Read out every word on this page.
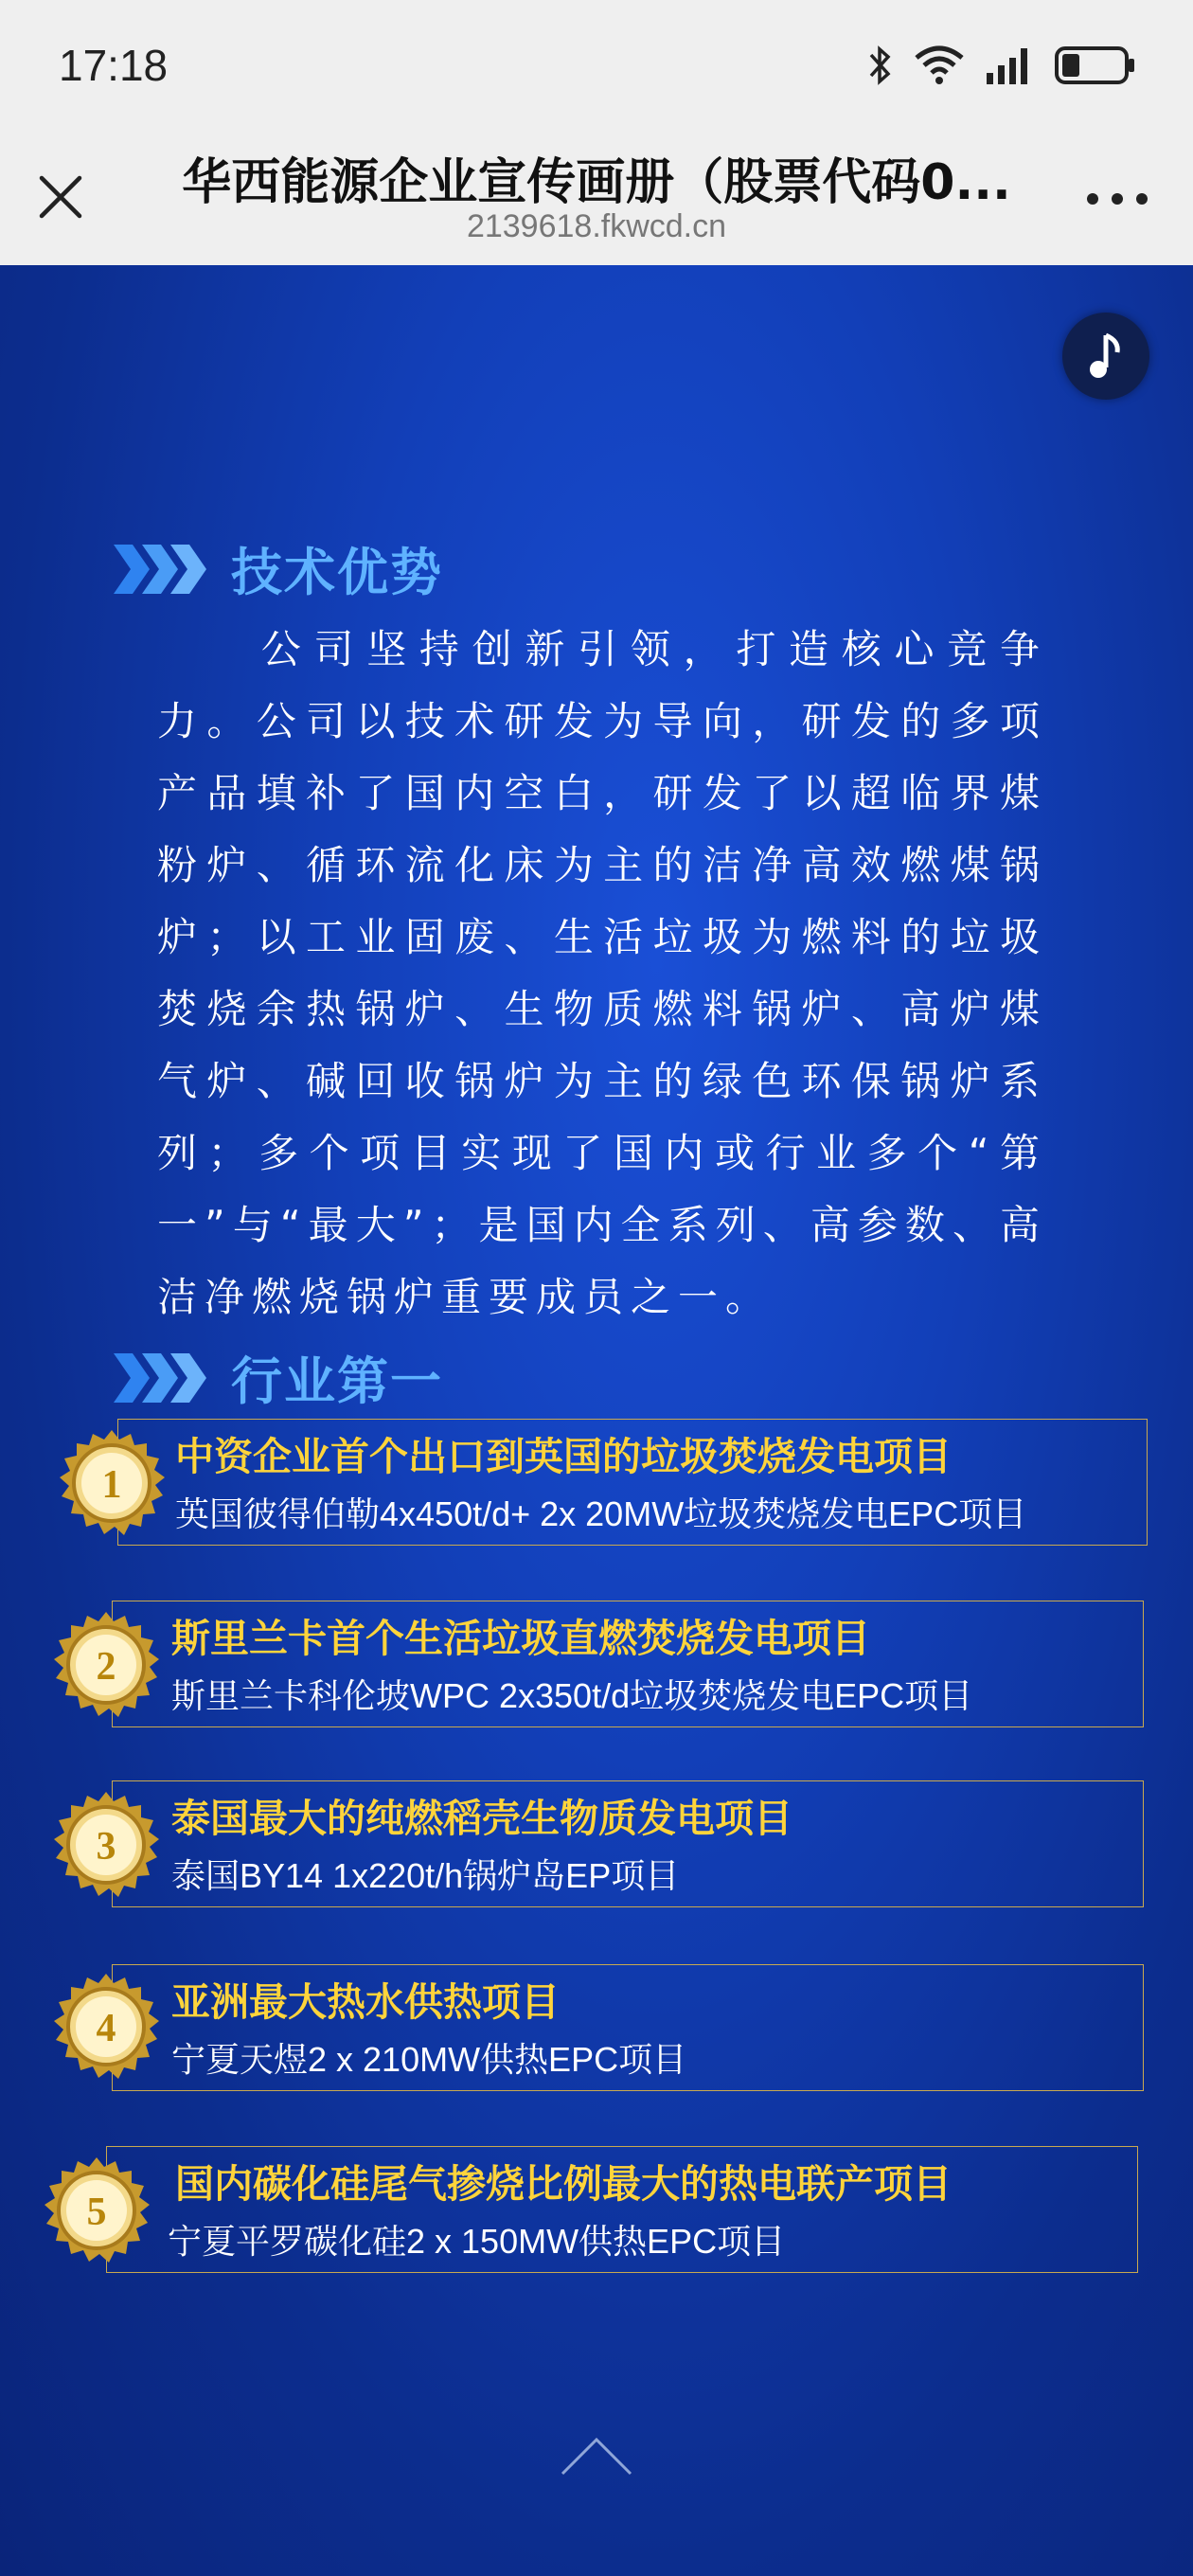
17:18
华西能源企业宣传画册（股票代码0...
2139618.fkwcd.cn
技术优势
公司坚持创新引领，打造核心竞争力。公司以技术研发为导向，研发的多项产品填补了国内空白，研发了以超临界煤粉炉、循环流化床为主的洁净高效燃煤锅炉；以工业固废、生活垃圾为燃料的垃圾焚烧余热锅炉、生物质燃料锅炉、高炉煤气炉、碱回收锅炉为主的绿色环保锅炉系列；多个项目实现了国内或行业多个“第一”与“最大”；是国内全系列、高参数、高洁净燃烧锅炉重要成员之一。
行业第一
中资企业首个出口到英国的垃圾焚烧发电项目
英国彼得伯勒4x450t/d+ 2x 20MW垃圾焚烧发电EPC项目
1
斯里兰卡首个生活垃圾直燃焚烧发电项目
斯里兰卡科伦坡WPC 2x350t/d垃圾焚烧发电EPC项目
2
泰国最大的纯燃稻壳生物质发电项目
泰国BY14 1x220t/h锅炉岛EP项目
3
亚洲最大热水供热项目
宁夏天煜2 x 210MW供热EPC项目
4
国内碳化硅尾气掺烧比例最大的热电联产项目
宁夏平罗碳化硅2 x 150MW供热EPC项目
5
